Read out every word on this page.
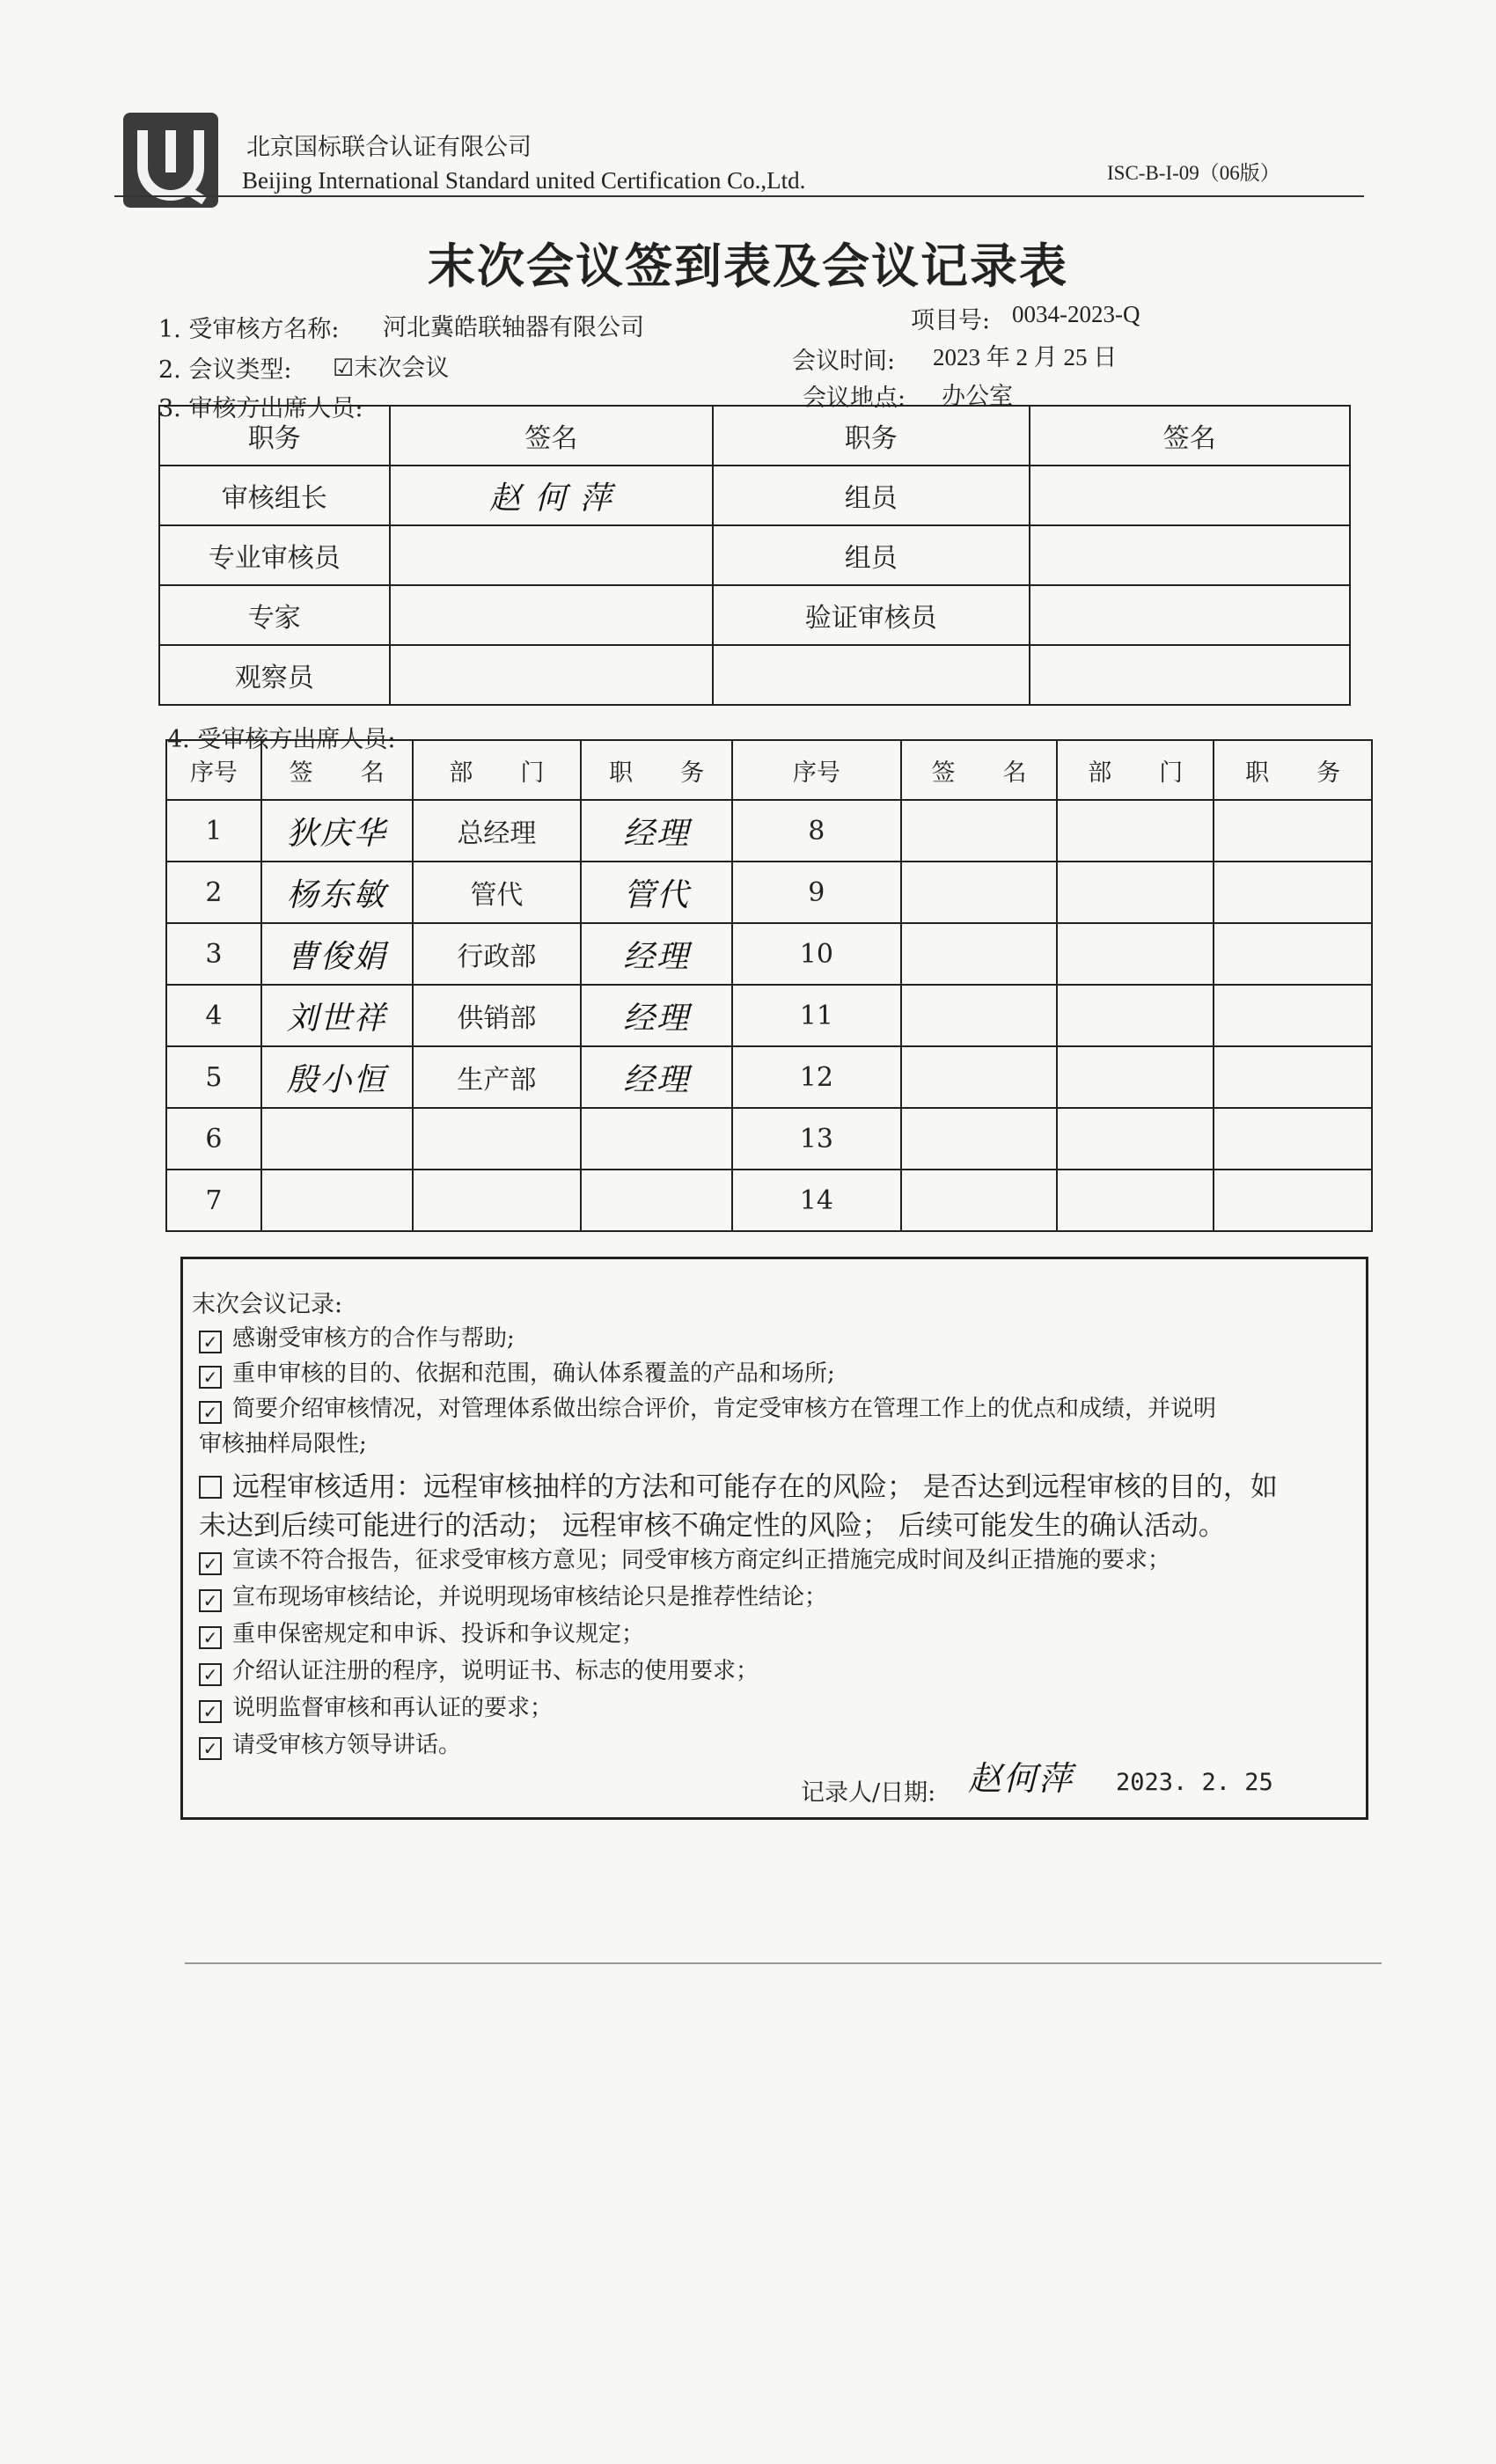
北京国标联合认证有限公司
Beijing International Standard united Certification Co.,Ltd.	ISC-B-I-09（06版）
末次会议签到表及会议记录表
1. 受审核方名称: 河北冀皓联轴器有限公司	项目号: 0034-2023-Q
2. 会议类型: ☑末次会议	会议时间: 2023 年 2 月 25 日
3. 审核方出席人员:	会议地点: 办公室
职务	签名	职务	签名
审核组长	赵 何 萍	组员	
专业审核员		组员	
专家		验证审核员	
观察员			
4. 受审核方出席人员:
序号	签　　名	部　　门	职　　务	序号	签　　名	部　　门	职　　务
1	狄庆华	总经理	经理	8			
2	杨东敏	管代	管代	9			
3	曹俊娟	行政部	经理	10			
4	刘世祥	供销部	经理	11			
5	殷小恒	生产部	经理	12			
6				13			
7				14			
末次会议记录:
✓ 感谢受审核方的合作与帮助;
✓ 重申审核的目的、依据和范围，确认体系覆盖的产品和场所;
✓ 简要介绍审核情况，对管理体系做出综合评价，肯定受审核方在管理工作上的优点和成绩，并说明
审核抽样局限性;
远程审核适用：远程审核抽样的方法和可能存在的风险； 是否达到远程审核的目的，如
未达到后续可能进行的活动； 远程审核不确定性的风险； 后续可能发生的确认活动。
✓ 宣读不符合报告，征求受审核方意见；同受审核方商定纠正措施完成时间及纠正措施的要求；
✓ 宣布现场审核结论，并说明现场审核结论只是推荐性结论；
✓ 重申保密规定和申诉、投诉和争议规定；
✓ 介绍认证注册的程序，说明证书、标志的使用要求；
✓ 说明监督审核和再认证的要求；
✓ 请受审核方领导讲话。
记录人/日期: 赵何萍 2023. 2. 25
